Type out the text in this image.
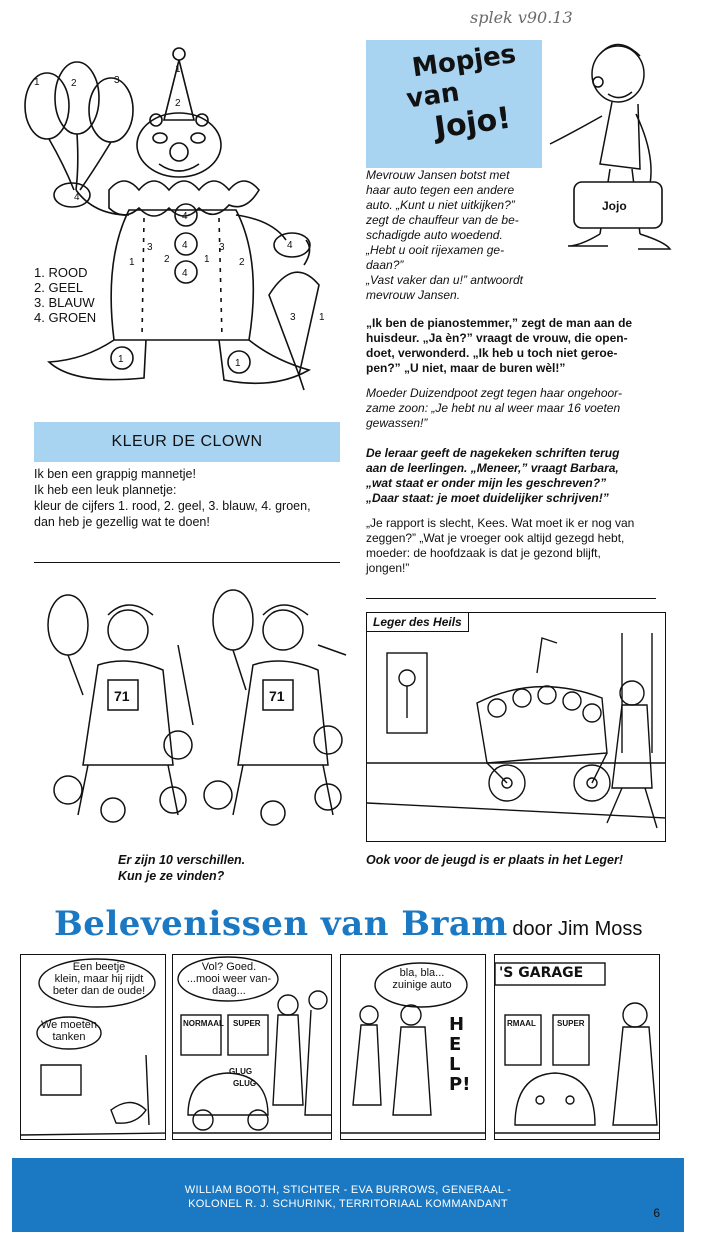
splek v90.13
1	2	3
1
2
4
4
4
1	2	1	2
3	3
3 1
1	1
4
4
1. ROOD
2. GEEL
3. BLAUW
4. GROEN
KLEUR DE CLOWN
Ik ben een grappig mannetje!
Ik heb een leuk plannetje:
kleur de cijfers 1. rood, 2. geel, 3. blauw, 4. groen,
dan heb je gezellig wat te doen!
Mopjes
van
Jojo!
Jojo
Mevrouw Jansen botst met
haar auto tegen een andere
auto. „Kunt u niet uitkijken?”
zegt de chauffeur van de be-
schadigde auto woedend.
„Hebt u ooit rijexamen ge-
daan?”
„Vast vaker dan u!” antwoordt
mevrouw Jansen.
„Ik ben de pianostemmer,” zegt de man aan de
huisdeur. „Ja èn?” vraagt de vrouw, die open-
doet, verwonderd. „Ik heb u toch niet geroe-
pen?” „U niet, maar de buren wèl!”
Moeder Duizendpoot zegt tegen haar ongehoor-
zame zoon: „Je hebt nu al weer maar 16 voeten
gewassen!”
De leraar geeft de nagekeken schriften terug
aan de leerlingen. „Meneer,” vraagt Barbara,
„wat staat er onder mijn les geschreven?”
„Daar staat: je moet duidelijker schrijven!”
„Je rapport is slecht, Kees. Wat moet ik er nog van
zeggen?” „Wat je vroeger ook altijd gezegd hebt,
moeder: de hoofdzaak is dat je gezond blijft,
jongen!”
71	71
Er zijn 10 verschillen.
Kun je ze vinden?
Leger des Heils
Ook voor de jeugd is er plaats in het Leger!
Belevenissen van Bram door Jim Moss
Een beetje
klein, maar hij rijdt
beter dan de oude!
We moeten
tanken
Vol? Goed.
...mooi weer van-
daag...
NORMAAL SUPER
GLUG
GLUG
bla, bla...
zuinige auto
HELP!
'S GARAGE
RMAAL	SUPER
WILLIAM BOOTH, STICHTER - EVA BURROWS, GENERAAL -
KOLONEL R. J. SCHURINK, TERRITORIAAL KOMMANDANT
6
